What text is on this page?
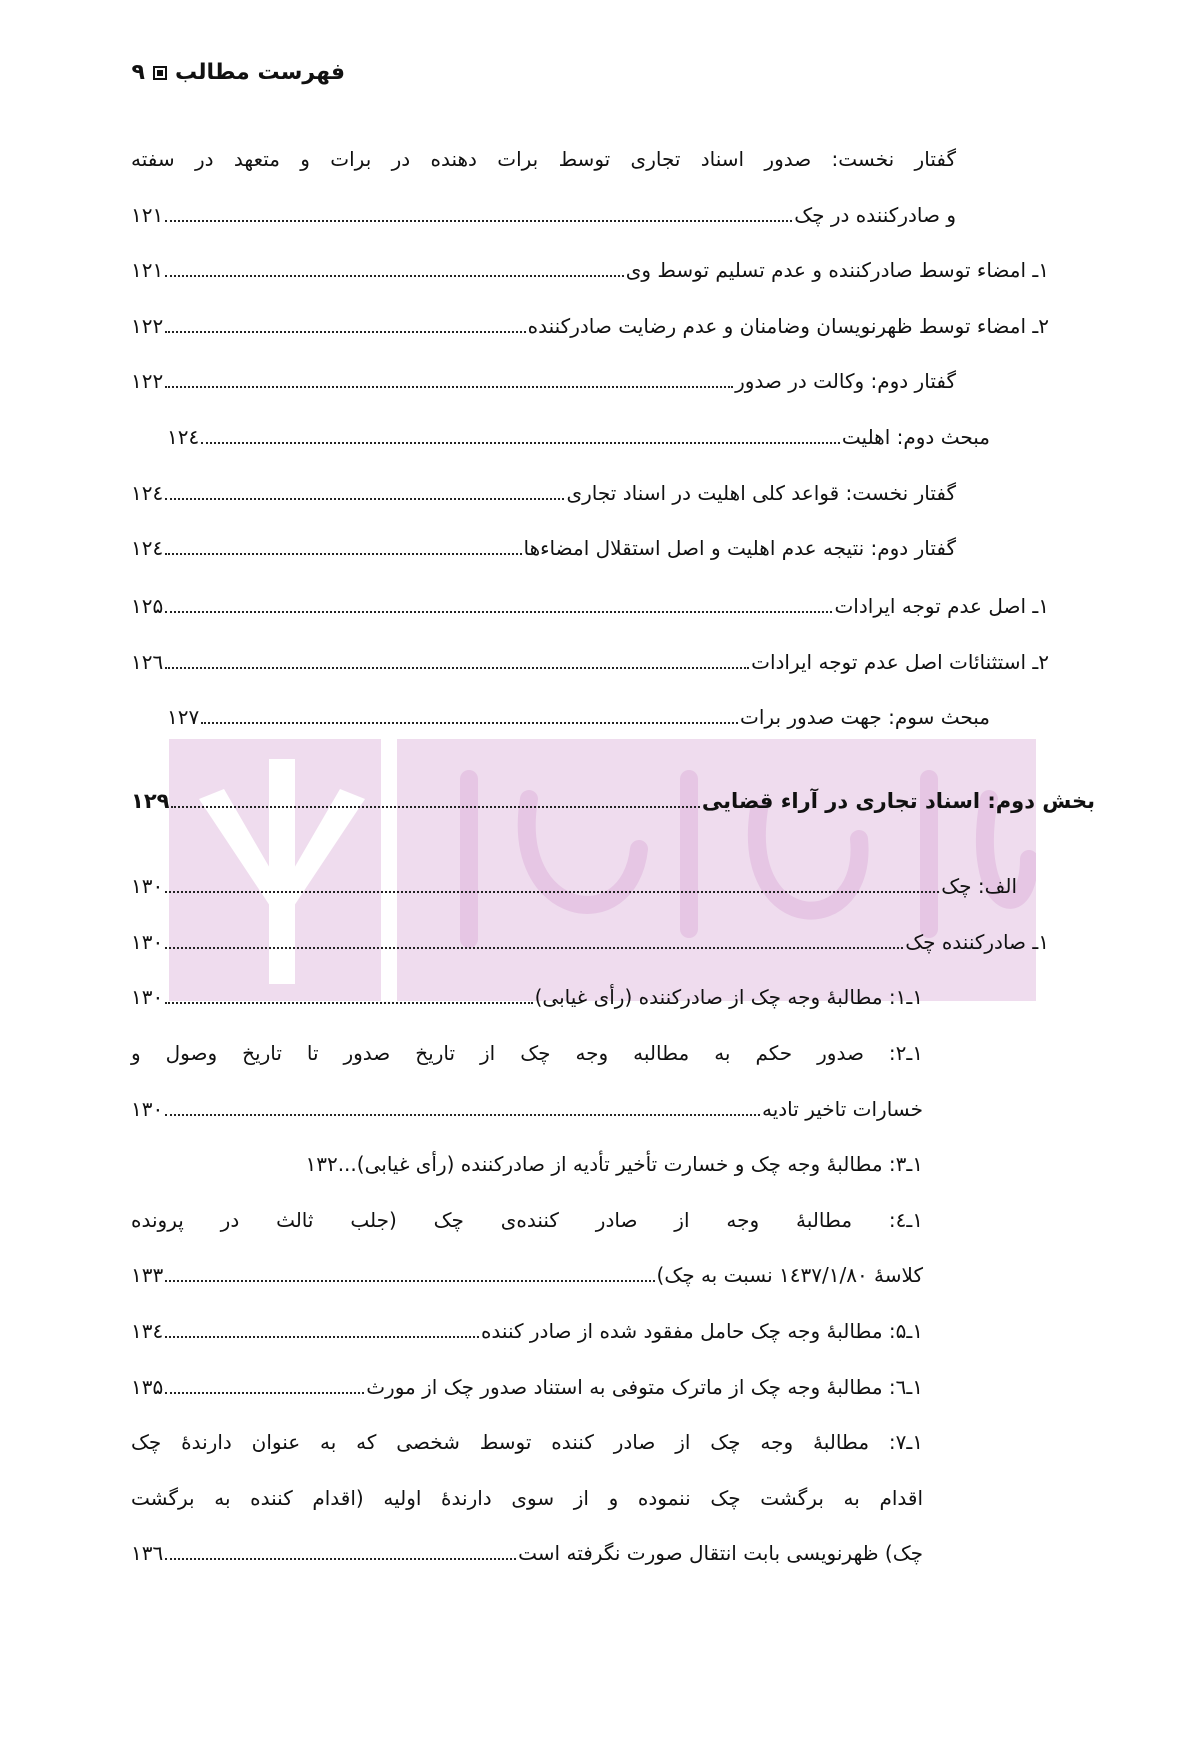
فهرست مطالب
۹
گفتار نخست: صدور اسناد تجاری توسط برات دهنده در برات و متعهد در سفته
و صادرکننده در چک
۱۲۱
۱ـ امضاء توسط صادرکننده و عدم تسلیم توسط وی
۱۲۱
۲ـ امضاء توسط ظهرنویسان وضامنان و عدم رضایت صادرکننده
۱۲۲
گفتار دوم: وکالت در صدور
۱۲۲
مبحث دوم: اهلیت
۱۲٤
گفتار نخست: قواعد کلی اهلیت در اسناد تجاری
۱۲٤
گفتار دوم: نتیجه عدم اهلیت و اصل استقلال امضاءها
۱۲٤
۱ـ اصل عدم توجه ایرادات
۱۲۵
۲ـ استثنائات اصل عدم توجه ایرادات
۱۲٦
مبحث سوم: جهت صدور برات
۱۲۷
بخش دوم: اسناد تجاری در آراء قضایی
۱۲۹
الف: چک
۱۳۰
۱ـ صادرکننده چک
۱۳۰
۱ـ۱: مطالبهٔ وجه چک از صادرکننده (رأی غیابی)
۱۳۰
۱ـ۲: صدور حکم به مطالبه وجه چک از تاریخ صدور تا تاریخ وصول و
خسارات تاخیر تادیه
۱۳۰
۱ـ۳: مطالبهٔ وجه چک و خسارت تأخیر تأدیه از صادرکننده (رأی غیابی)...
۱۳۲
۱ـ٤: مطالبهٔ وجه از صادر کننده‌ی چک (جلب ثالث در پرونده
کلاسهٔ ۱٤۳۷/۱/۸۰ نسبت به چک)
۱۳۳
۱ـ۵: مطالبهٔ وجه چک حامل مفقود شده از صادر کننده
۱۳٤
۱ـ٦: مطالبهٔ وجه چک از ماترک متوفی به استناد صدور چک از مورث
۱۳۵
۱ـ۷: مطالبهٔ وجه چک از صادر کننده توسط شخصی که به عنوان دارندهٔ چک
اقدام به برگشت چک ننموده و از سوی دارندهٔ اولیه (اقدام کننده به برگشت
چک) ظهرنویسی بابت انتقال صورت نگرفته است
۱۳٦
